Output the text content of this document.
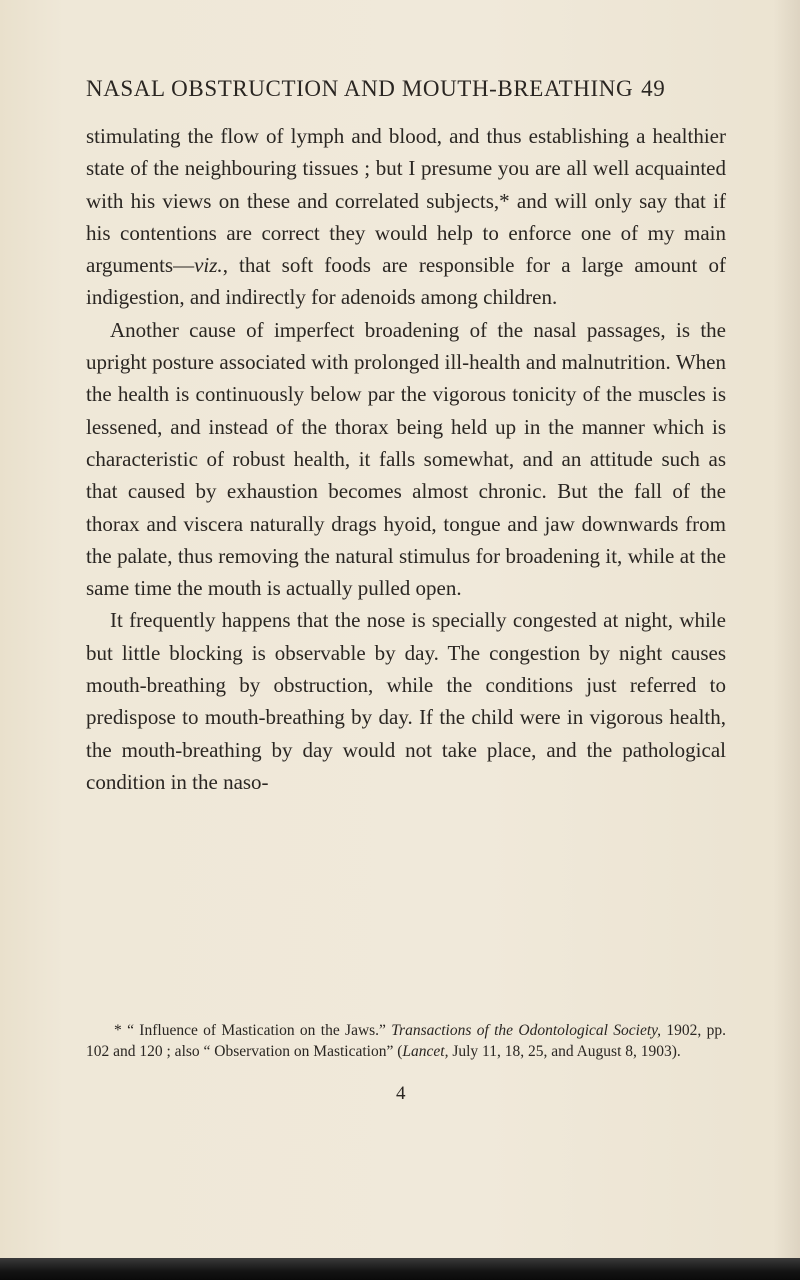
NASAL OBSTRUCTION AND MOUTH-BREATHING 49

stimulating the flow of lymph and blood, and thus establishing a healthier state of the neighbouring tissues ; but I presume you are all well acquainted with his views on these and correlated subjects,* and will only say that if his contentions are correct they would help to enforce one of my main arguments—viz., that soft foods are responsible for a large amount of indigestion, and indirectly for adenoids among children.

Another cause of imperfect broadening of the nasal passages, is the upright posture associated with prolonged ill-health and malnutrition. When the health is continuously below par the vigorous tonicity of the muscles is lessened, and instead of the thorax being held up in the manner which is characteristic of robust health, it falls somewhat, and an attitude such as that caused by exhaustion becomes almost chronic. But the fall of the thorax and viscera naturally drags hyoid, tongue and jaw downwards from the palate, thus removing the natural stimulus for broadening it, while at the same time the mouth is actually pulled open.

It frequently happens that the nose is specially congested at night, while but little blocking is observable by day. The congestion by night causes mouth-breathing by obstruction, while the conditions just referred to predispose to mouth-breathing by day. If the child were in vigorous health, the mouth-breathing by day would not take place, and the pathological condition in the naso-

* “ Influence of Mastication on the Jaws.” Transactions of the Odontological Society, 1902, pp. 102 and 120 ; also “ Observation on Mastication” (Lancet, July 11, 18, 25, and August 8, 1903).

4
